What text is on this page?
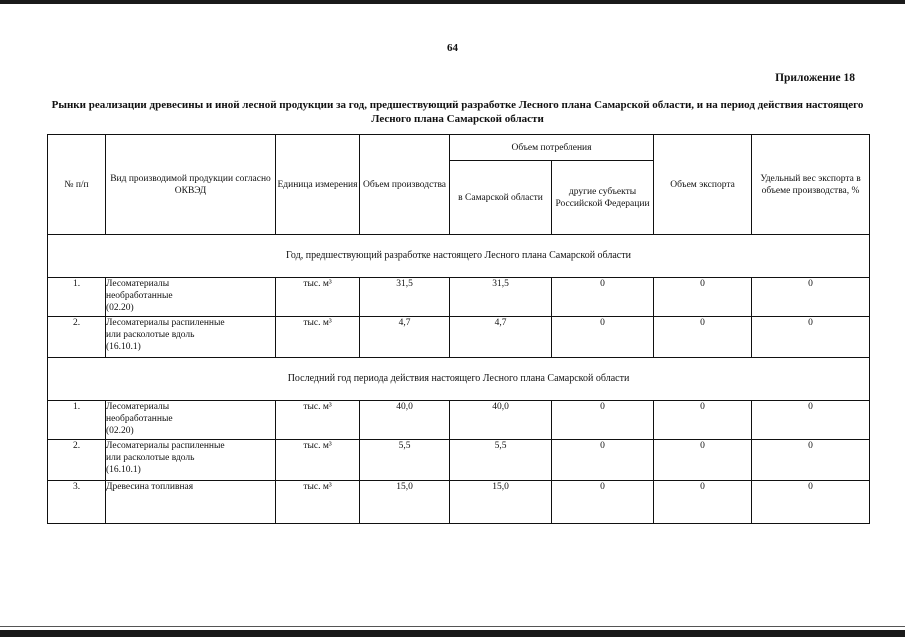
64
Приложение 18
Рынки реализации древесины и иной лесной продукции за год, предшествующий разработке Лесного плана Самарской области, и на период действия настоящего Лесного плана Самарской области
№ п/п	Вид производимой продукции согласно ОКВЭД	Единица измерения	Объем производства	Объем потребления		Объем экспорта	Удельный вес экспорта в объеме производства, %
				в Самарской области	другие субъекты Российской Федерации		
Год, предшествующий разработке настоящего Лесного плана Самарской области							
1.	Лесоматериалы
необработанные
(02.20)	тыс. м³	31,5	31,5	0	0	0
2.	Лесоматериалы распиленные
или расколотые вдоль
(16.10.1)	тыс. м³	4,7	4,7	0	0	0
Последний год периода действия настоящего Лесного плана Самарской области							
1.	Лесоматериалы
необработанные
(02.20)	тыс. м³	40,0	40,0	0	0	0
2.	Лесоматериалы распиленные
или расколотые вдоль
(16.10.1)	тыс. м³	5,5	5,5	0	0	0
3.	Древесина топливная	тыс. м³	15,0	15,0	0	0	0
